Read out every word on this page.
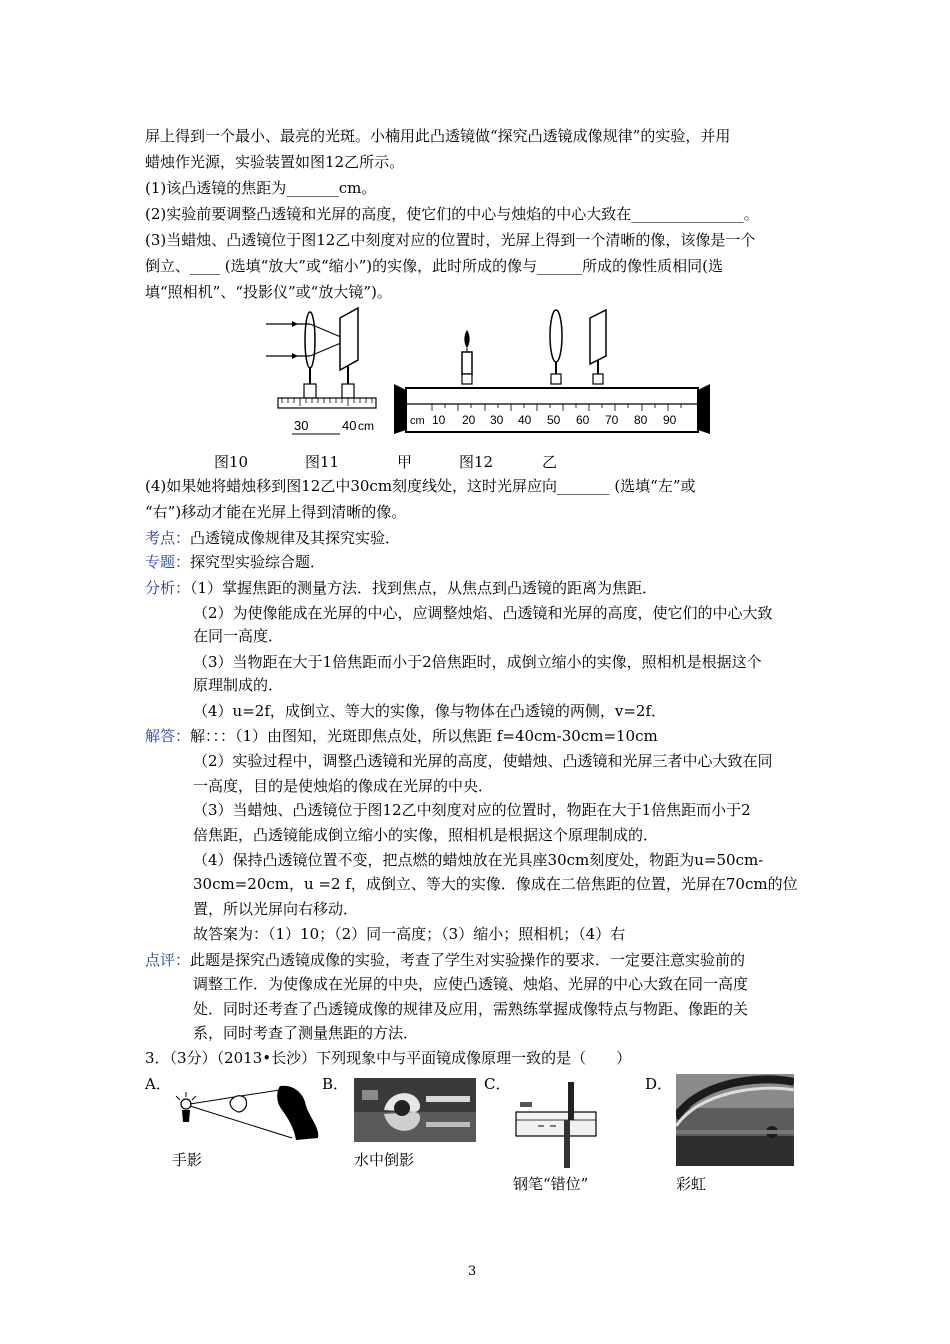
屏上得到一个最小、最亮的光斑。小楠用此凸透镜做“探究凸透镜成像规律”的实验，并用
蜡烛作光源，实验装置如图12乙所示。
(1)该凸透镜的焦距为_______cm。
(2)实验前要调整凸透镜和光屏的高度，使它们的中心与烛焰的中心大致在_______________。
(3)当蜡烛、凸透镜位于图12乙中刻度对应的位置时，光屏上得到一个清晰的像，该像是一个
倒立、____ (选填“放大”或“缩小”)的实像，此时所成的像与______所成的像性质相同(选
填“照相机”、“投影仪”或“放大镜”)。
30	40 cm	cm 10 20 30 40 50 60 70 80 90
图10	图11	甲	图12	乙
(4)如果她将蜡烛移到图12乙中30cm刻度线处，这时光屏应向_______ (选填“左”或
“右”)移动才能在光屏上得到清晰的像。
考点：凸透镜成像规律及其探究实验．
专题：探究型实验综合题．
分析：（1）掌握焦距的测量方法．找到焦点，从焦点到凸透镜的距离为焦距．
（2）为使像能成在光屏的中心，应调整烛焰、凸透镜和光屏的高度，使它们的中心大致
在同一高度．
（3）当物距在大于1倍焦距而小于2倍焦距时，成倒立缩小的实像，照相机是根据这个
原理制成的．
（4）u=2f，成倒立、等大的实像，像与物体在凸透镜的两侧，v=2f．
解答：解：：：（1）由图知，光斑即焦点处，所以焦距 f=40cm-30cm=10cm
（2）实验过程中，调整凸透镜和光屏的高度，使蜡烛、凸透镜和光屏三者中心大致在同
一高度，目的是使烛焰的像成在光屏的中央．
（3）当蜡烛、凸透镜位于图12乙中刻度对应的位置时，物距在大于1倍焦距而小于2
倍焦距，凸透镜能成倒立缩小的实像，照相机是根据这个原理制成的．
（4）保持凸透镜位置不变，把点燃的蜡烛放在光具座30cm刻度处，物距为u=50cm-
30cm=20cm，u =2 f，成倒立、等大的实像．像成在二倍焦距的位置，光屏在70cm的位
置，所以光屏向右移动．
故答案为：（1）10；（2）同一高度；（3）缩小；照相机；（4）右
点评：此题是探究凸透镜成像的实验，考查了学生对实验操作的要求．一定要注意实验前的
调整工作．为使像成在光屏的中央，应使凸透镜、烛焰、光屏的中心大致在同一高度
处．同时还考查了凸透镜成像的规律及应用，需熟练掌握成像特点与物距、像距的关
系，同时考查了测量焦距的方法．
3．（3分）（2013•长沙）下列现象中与平面镜成像原理一致的是（　　）
A．	B．	C．	D．
手影	水中倒影
钢笔“错位”	彩虹
3
